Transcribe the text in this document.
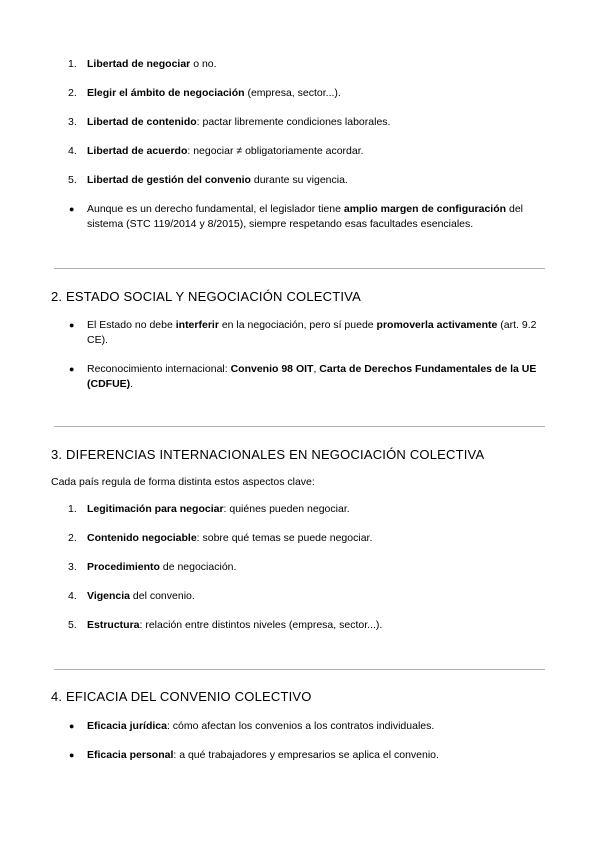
1. Libertad de negociar o no.
2. Elegir el ámbito de negociación (empresa, sector...).
3. Libertad de contenido: pactar libremente condiciones laborales.
4. Libertad de acuerdo: negociar ≠ obligatoriamente acordar.
5. Libertad de gestión del convenio durante su vigencia.
● Aunque es un derecho fundamental, el legislador tiene amplio margen de configuración del sistema (STC 119/2014 y 8/2015), siempre respetando esas facultades esenciales.
2. ESTADO SOCIAL Y NEGOCIACIÓN COLECTIVA
● El Estado no debe interferir en la negociación, pero sí puede promoverla activamente (art. 9.2 CE).
● Reconocimiento internacional: Convenio 98 OIT, Carta de Derechos Fundamentales de la UE (CDFUE).
3. DIFERENCIAS INTERNACIONALES EN NEGOCIACIÓN COLECTIVA
Cada país regula de forma distinta estos aspectos clave:
1. Legitimación para negociar: quiénes pueden negociar.
2. Contenido negociable: sobre qué temas se puede negociar.
3. Procedimiento de negociación.
4. Vigencia del convenio.
5. Estructura: relación entre distintos niveles (empresa, sector...).
4. EFICACIA DEL CONVENIO COLECTIVO
● Eficacia jurídica: cómo afectan los convenios a los contratos individuales.
● Eficacia personal: a qué trabajadores y empresarios se aplica el convenio.
